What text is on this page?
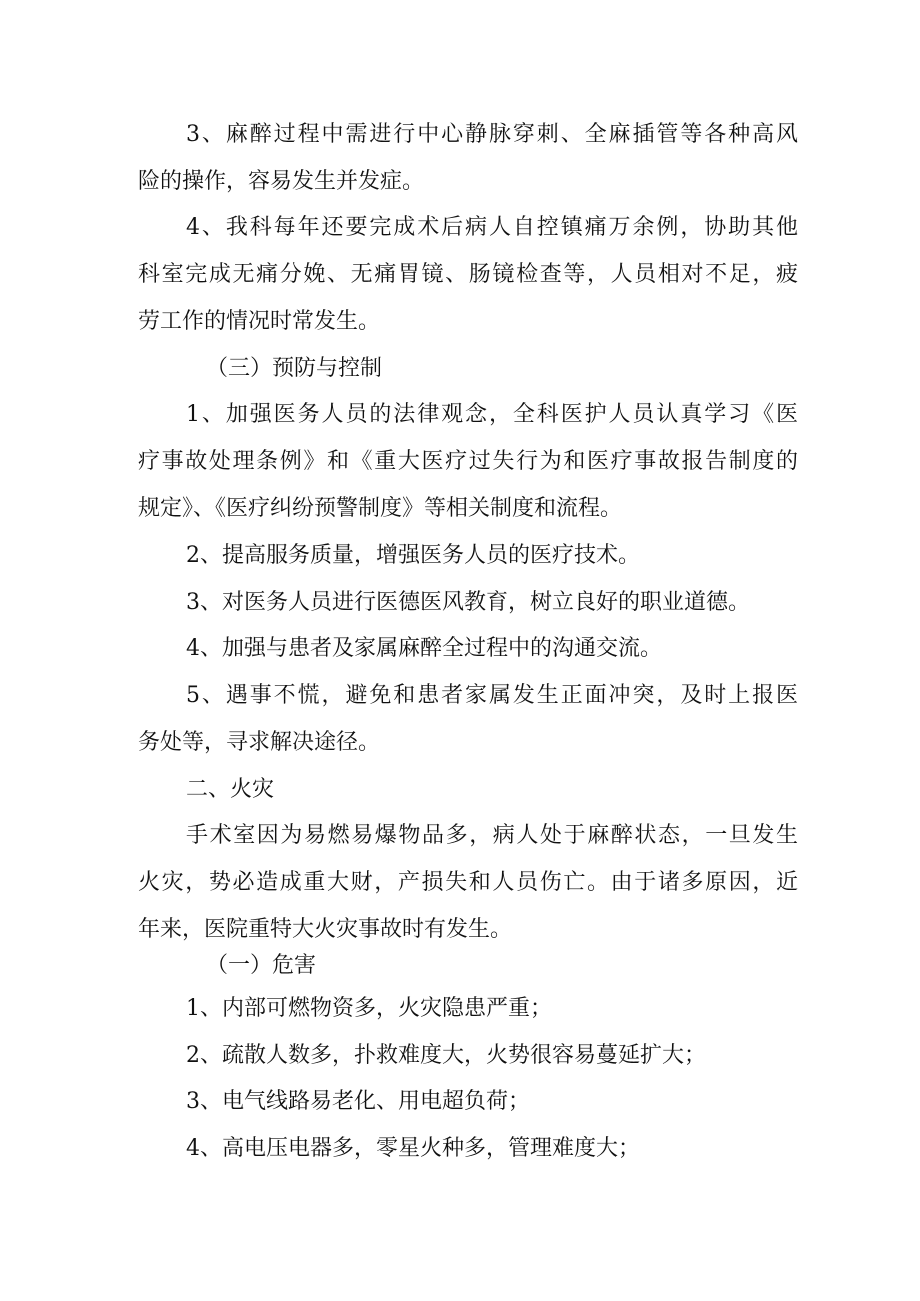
3、麻醉过程中需进行中心静脉穿刺、全麻插管等各种高风
险的操作，容易发生并发症。
4、我科每年还要完成术后病人自控镇痛万余例，协助其他
科室完成无痛分娩、无痛胃镜、肠镜检查等，人员相对不足，疲
劳工作的情况时常发生。
（三）预防与控制
1、加强医务人员的法律观念，全科医护人员认真学习《医
疗事故处理条例》和《重大医疗过失行为和医疗事故报告制度的
规定》、《医疗纠纷预警制度》等相关制度和流程。
2、提高服务质量，增强医务人员的医疗技术。
3、对医务人员进行医德医风教育，树立良好的职业道德。
4、加强与患者及家属麻醉全过程中的沟通交流。
5、遇事不慌，避免和患者家属发生正面冲突，及时上报医
务处等，寻求解决途径。
二、火灾
手术室因为易燃易爆物品多，病人处于麻醉状态，一旦发生
火灾，势必造成重大财，产损失和人员伤亡。由于诸多原因，近
年来，医院重特大火灾事故时有发生。
（一）危害
1、内部可燃物资多，火灾隐患严重；
2、疏散人数多，扑救难度大，火势很容易蔓延扩大；
3、电气线路易老化、用电超负荷；
4、高电压电器多，零星火种多，管理难度大；
